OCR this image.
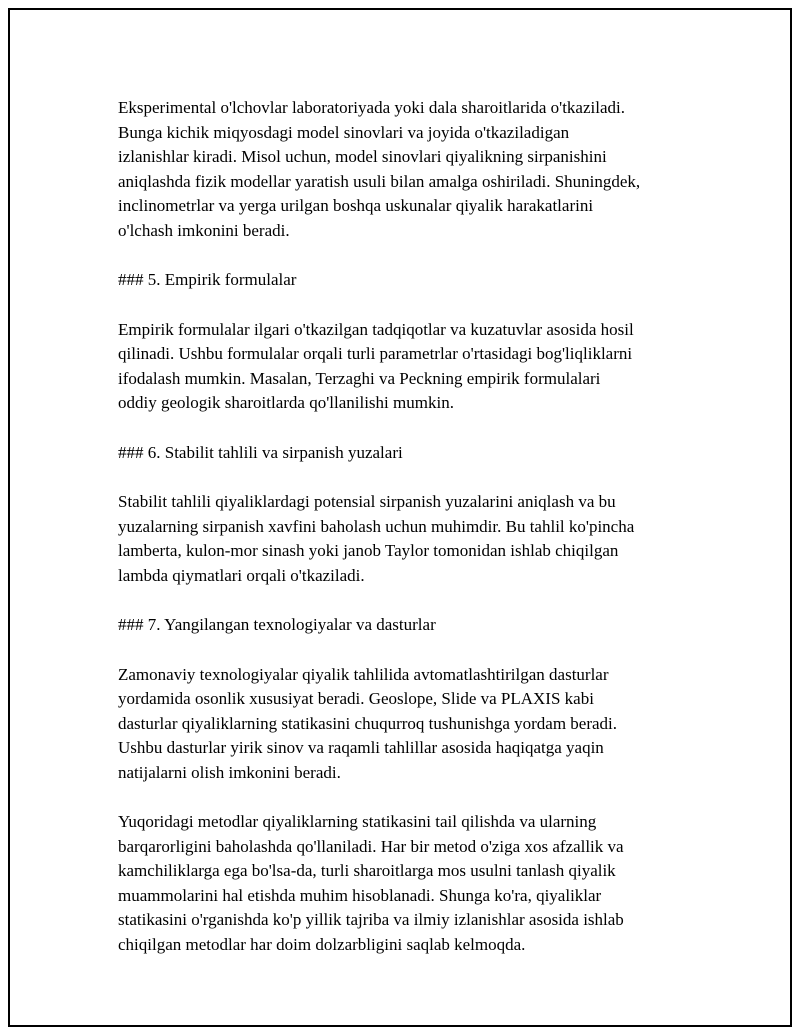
Eksperimental o'lchovlar laboratoriyada yoki dala sharoitlarida o'tkaziladi.
Bunga kichik miqyosdagi model sinovlari va joyida o'tkaziladigan
izlanishlar kiradi. Misol uchun, model sinovlari qiyalikning sirpanishini
aniqlashda fizik modellar yaratish usuli bilan amalga oshiriladi. Shuningdek,
inclinometrlar va yerga urilgan boshqa uskunalar qiyalik harakatlarini
o'lchash imkonini beradi.

### 5. Empirik formulalar

Empirik formulalar ilgari o'tkazilgan tadqiqotlar va kuzatuvlar asosida hosil
qilinadi. Ushbu formulalar orqali turli parametrlar o'rtasidagi bog'liqliklarni
ifodalash mumkin. Masalan, Terzaghi va Peckning empirik formulalari
oddiy geologik sharoitlarda qo'llanilishi mumkin.

### 6. Stabilit tahlili va sirpanish yuzalari

Stabilit tahlili qiyaliklardagi potensial sirpanish yuzalarini aniqlash va bu
yuzalarning sirpanish xavfini baholash uchun muhimdir. Bu tahlil ko'pincha
lamberta, kulon-mor sinash yoki janob Taylor tomonidan ishlab chiqilgan
lambda qiymatlari orqali o'tkaziladi.

### 7. Yangilangan texnologiyalar va dasturlar

Zamonaviy texnologiyalar qiyalik tahlilida avtomatlashtirilgan dasturlar
yordamida osonlik xususiyat beradi. Geoslope, Slide va PLAXIS kabi
dasturlar qiyaliklarning statikasini chuqurroq tushunishga yordam beradi.
Ushbu dasturlar yirik sinov va raqamli tahlillar asosida haqiqatga yaqin
natijalarni olish imkonini beradi.

Yuqoridagi metodlar qiyaliklarning statikasini tail qilishda va ularning
barqarorligini baholashda qo'llaniladi. Har bir metod o'ziga xos afzallik va
kamchiliklarga ega bo'lsa-da, turli sharoitlarga mos usulni tanlash qiyalik
muammolarini hal etishda muhim hisoblanadi. Shunga ko'ra, qiyaliklar
statikasini o'rganishda ko'p yillik tajriba va ilmiy izlanishlar asosida ishlab
chiqilgan metodlar har doim dolzarbligini saqlab kelmoqda.
